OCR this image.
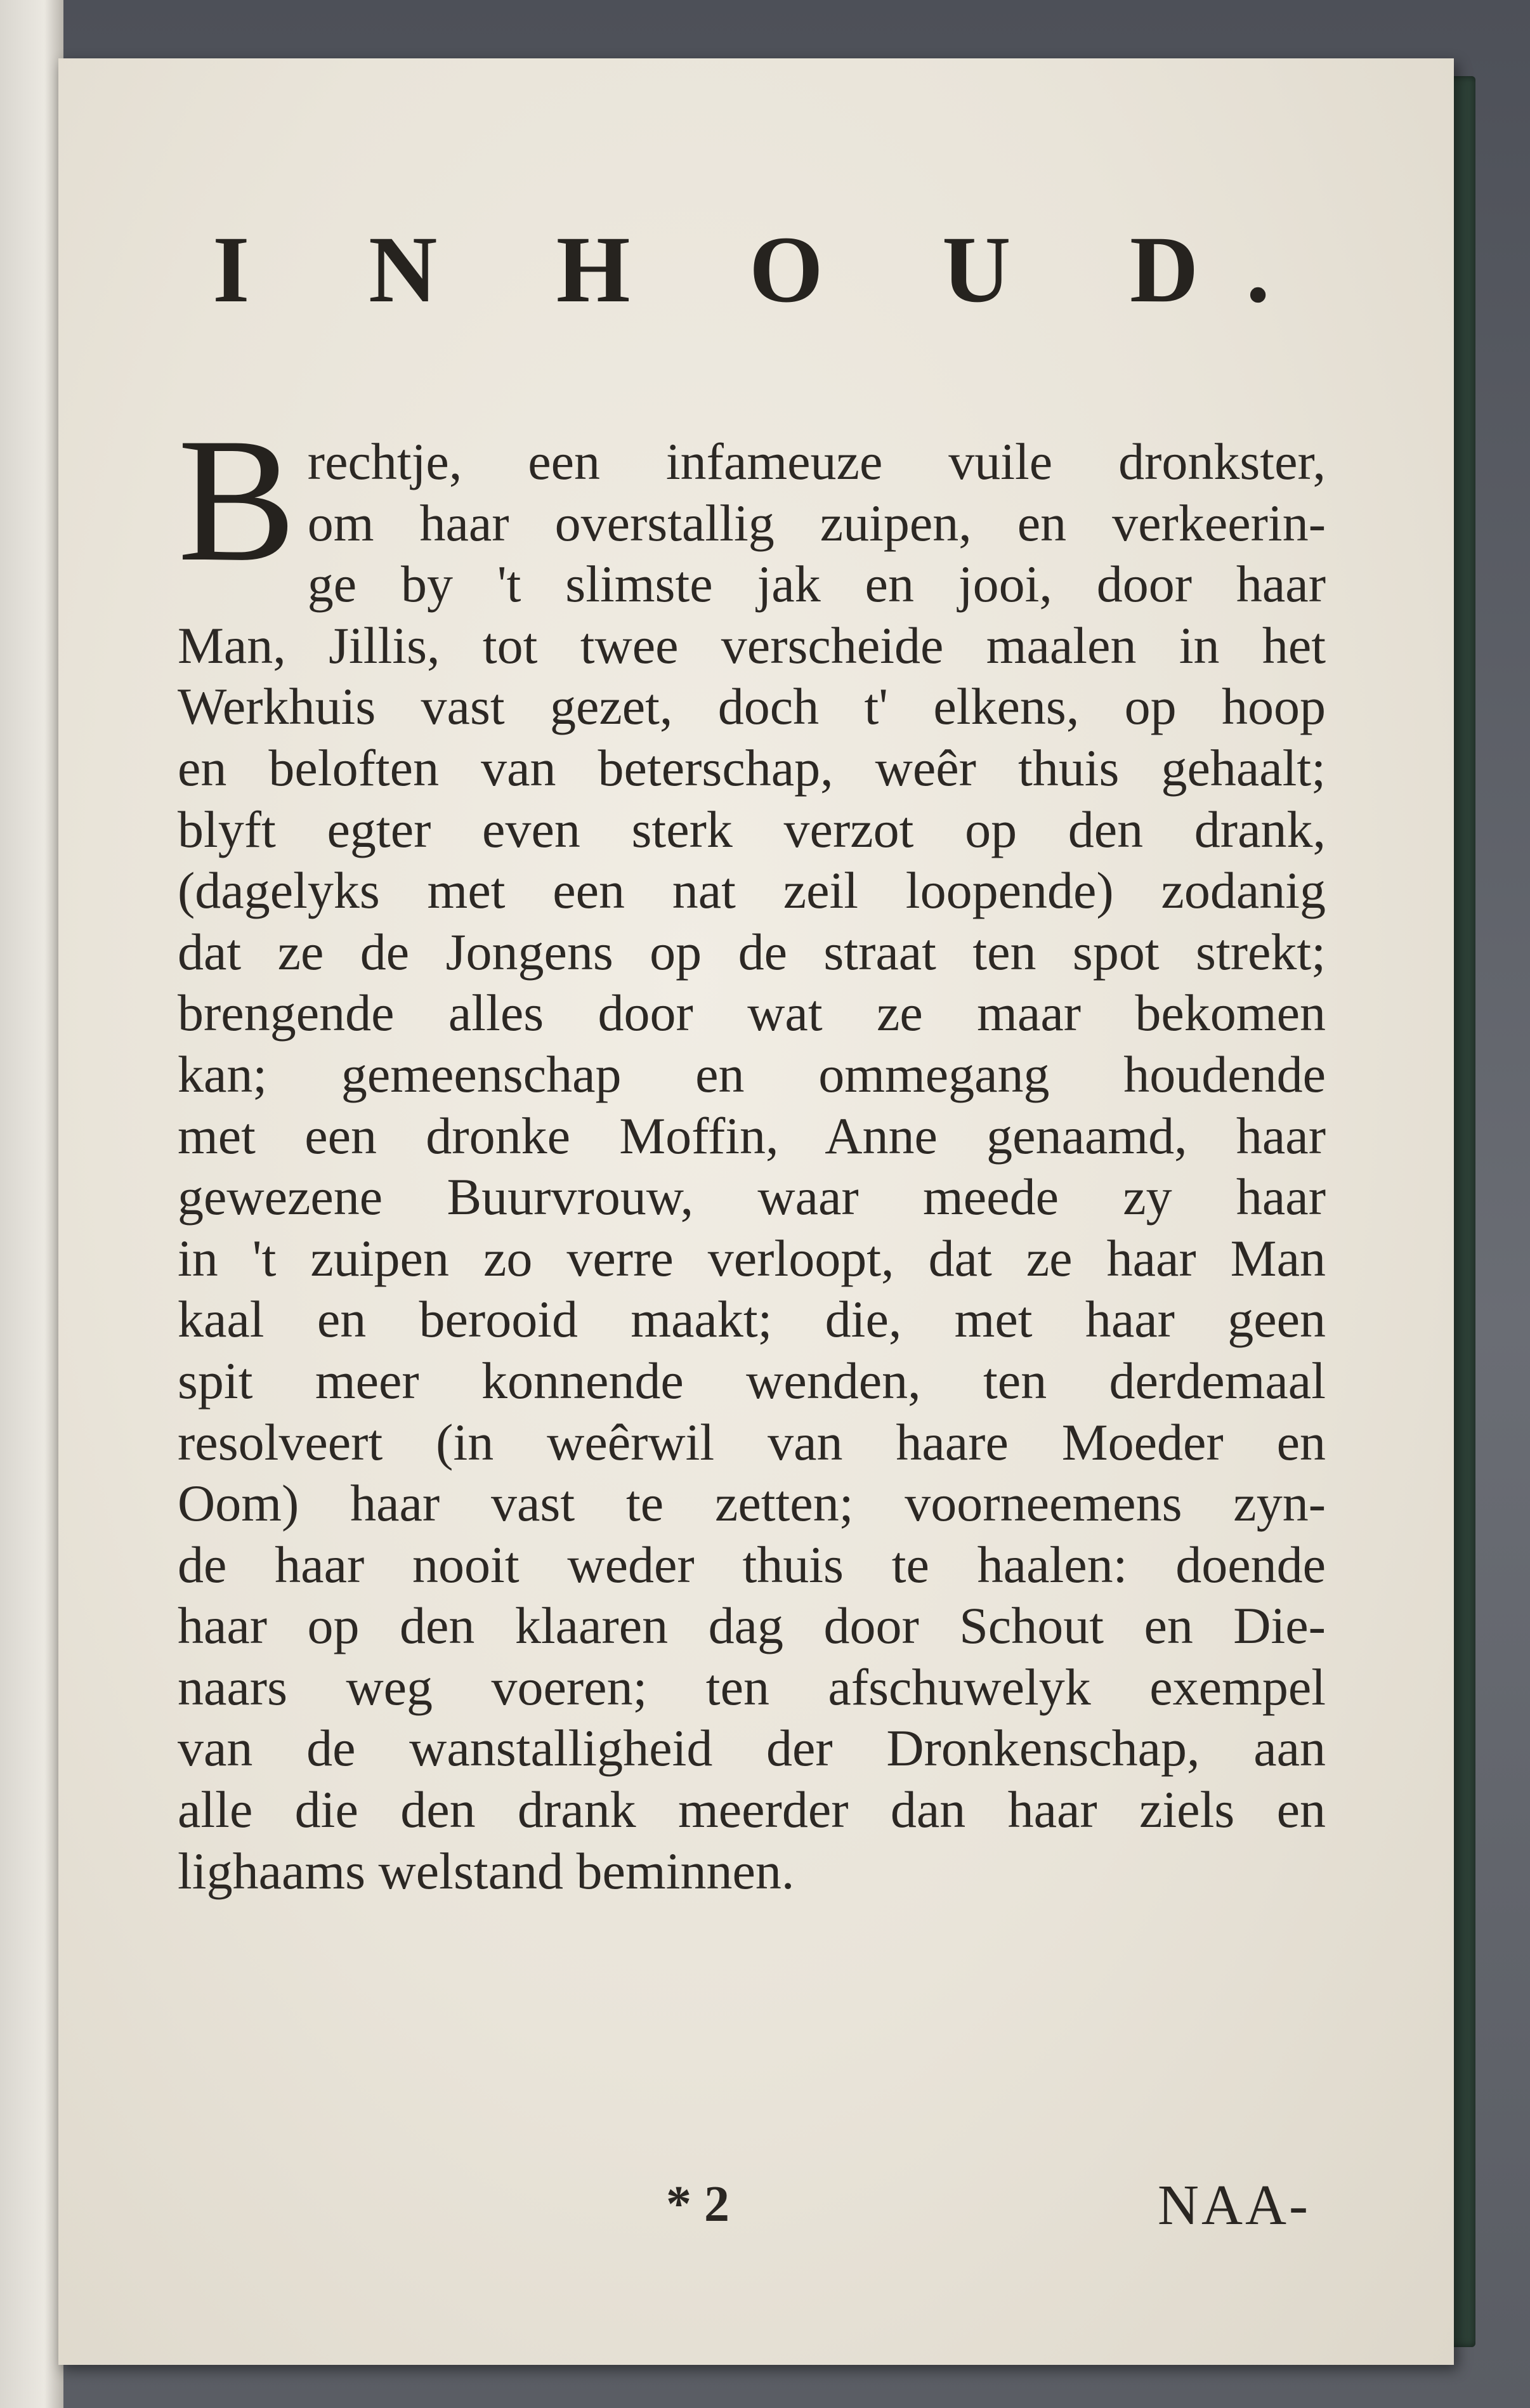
I N H O U D.
B rechtje, een infameuze vuile dronkster,
om haar overstallig zuipen, en verkeerin-
ge by 't slimste jak en jooi, door haar
Man, Jillis, tot twee verscheide maalen in het
Werkhuis vast gezet, doch t' elkens, op hoop
en beloften van beterschap, weêr thuis gehaalt;
blyft egter even sterk verzot op den drank,
(dagelyks met een nat zeil loopende) zodanig
dat ze de Jongens op de straat ten spot strekt;
brengende alles door wat ze maar bekomen
kan; gemeenschap en ommegang houdende
met een dronke Moffin, Anne genaamd, haar
gewezene Buurvrouw, waar meede zy haar
in 't zuipen zo verre verloopt, dat ze haar Man
kaal en berooid maakt; die, met haar geen
spit meer konnende wenden, ten derdemaal
resolveert (in weêrwil van haare Moeder en
Oom) haar vast te zetten; voorneemens zyn-
de haar nooit weder thuis te haalen: doende
haar op den klaaren dag door Schout en Die-
naars weg voeren; ten afschuwelyk exempel
van de wanstalligheid der Dronkenschap, aan
alle die den drank meerder dan haar ziels en
lighaams welstand beminnen.
* 2	NAA-
